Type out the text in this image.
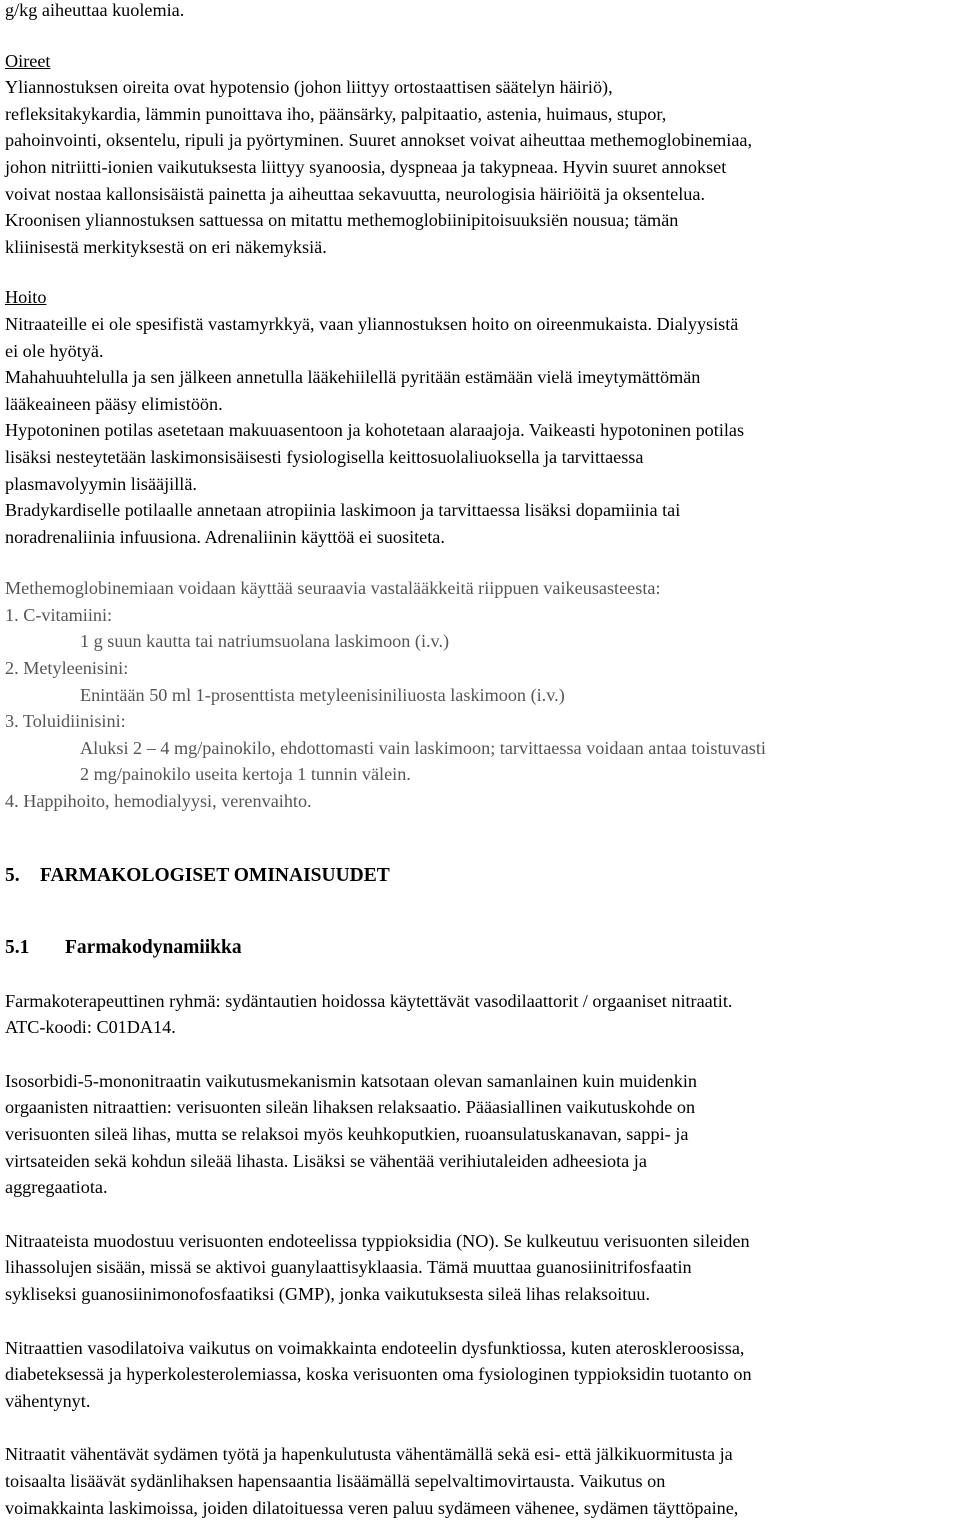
g/kg aiheuttaa kuolemia.

Oireet

Yliannostuksen oireita ovat hypotensio (johon liittyy ortostaattisen säätelyn häiriö),

refleksitakykardia, lämmin punoittava iho, päänsärky, palpitaatio, astenia, huimaus, stupor,

pahoinvointi, oksentelu, ripuli ja pyörtyminen. Suuret annokset voivat aiheuttaa methemoglobinemiaa,

johon nitriitti-ionien vaikutuksesta liittyy syanoosia, dyspneaa ja takypneaa. Hyvin suuret annokset

voivat nostaa kallonsisäistä painetta ja aiheuttaa sekavuutta, neurologisia häiriöitä ja oksentelua.

Kroonisen yliannostuksen sattuessa on mitattu methemoglobiinipitoisuuksiën nousua; tämän

kliinisestä merkityksestä on eri näkemyksiä.

Hoito

Nitraateille ei ole spesifistä vastamyrkkyä, vaan yliannostuksen hoito on oireenmukaista. Dialyysistä

ei ole hyötyä.

Mahahuuhtelulla ja sen jälkeen annetulla lääkehiilellä pyritään estämään vielä imeytymättömän

lääkeaineen pääsy elimistöön.

Hypotoninen potilas asetetaan makuuasentoon ja kohotetaan alaraajoja. Vaikeasti hypotoninen potilas

lisäksi nesteytetään laskimonsisäisesti fysiologisella keittosuolaliuoksella ja tarvittaessa

plasmavolyymin lisääjillä.

Bradykardiselle potilaalle annetaan atropiinia laskimoon ja tarvittaessa lisäksi dopamiinia tai

noradrenaliinia infuusiona. Adrenaliinin käyttöä ei suositeta.

Methemoglobinemiaan voidaan käyttää seuraavia vastalääkkeitä riippuen vaikeusasteesta:

1. C-vitamiini:

1 g suun kautta tai natriumsuolana laskimoon (i.v.)

2. Metyleenisini:

Enintään 50 ml 1-prosenttista metyleenisiniliuosta laskimoon (i.v.)

3. Toluidiinisini:

Aluksi 2 – 4 mg/painokilo, ehdottomasti vain laskimoon; tarvittaessa voidaan antaa toistuvasti

2 mg/painokilo useita kertoja 1 tunnin välein.

4. Happihoito, hemodialyysi, verenvaihto.

5. FARMAKOLOGISET OMINAISUUDET
5.1 Farmakodynamiikka

Farmakoterapeuttinen ryhmä: sydäntautien hoidossa käytettävät vasodilaattorit / orgaaniset nitraatit.

ATC-koodi: C01DA14.

Isosorbidi-5-mononitraatin vaikutusmekanismin katsotaan olevan samanlainen kuin muidenkin

orgaanisten nitraattien: verisuonten sileän lihaksen relaksaatio. Pääasiallinen vaikutuskohde on

verisuonten sileä lihas, mutta se relaksoi myös keuhkoputkien, ruoansulatuskanavan, sappi- ja

virtsateiden sekä kohdun sileää lihasta. Lisäksi se vähentää verihiutaleiden adheesiota ja

aggregaatiota.

Nitraateista muodostuu verisuonten endoteelissa typpioksidia (NO). Se kulkeutuu verisuonten sileiden

lihassolujen sisään, missä se aktivoi guanylaattisyklaasia. Tämä muuttaa guanosiinitrifosfaatin

sykliseksi guanosiinimonofosfaatiksi (GMP), jonka vaikutuksesta sileä lihas relaksoituu.

Nitraattien vasodilatoiva vaikutus on voimakkainta endoteelin dysfunktiossa, kuten ateroskleroosissa,

diabeteksessä ja hyperkolesterolemiassa, koska verisuonten oma fysiologinen typpioksidin tuotanto on

vähentynyt.

Nitraatit vähentävät sydämen työtä ja hapenkulutusta vähentämällä sekä esi- että jälkikuormitusta ja

toisaalta lisäävät sydänlihaksen hapensaantia lisäämällä sepelvaltimovirtausta. Vaikutus on

voimakkainta laskimoissa, joiden dilatoituessa veren paluu sydämeen vähenee, sydämen täyttöpaine,
